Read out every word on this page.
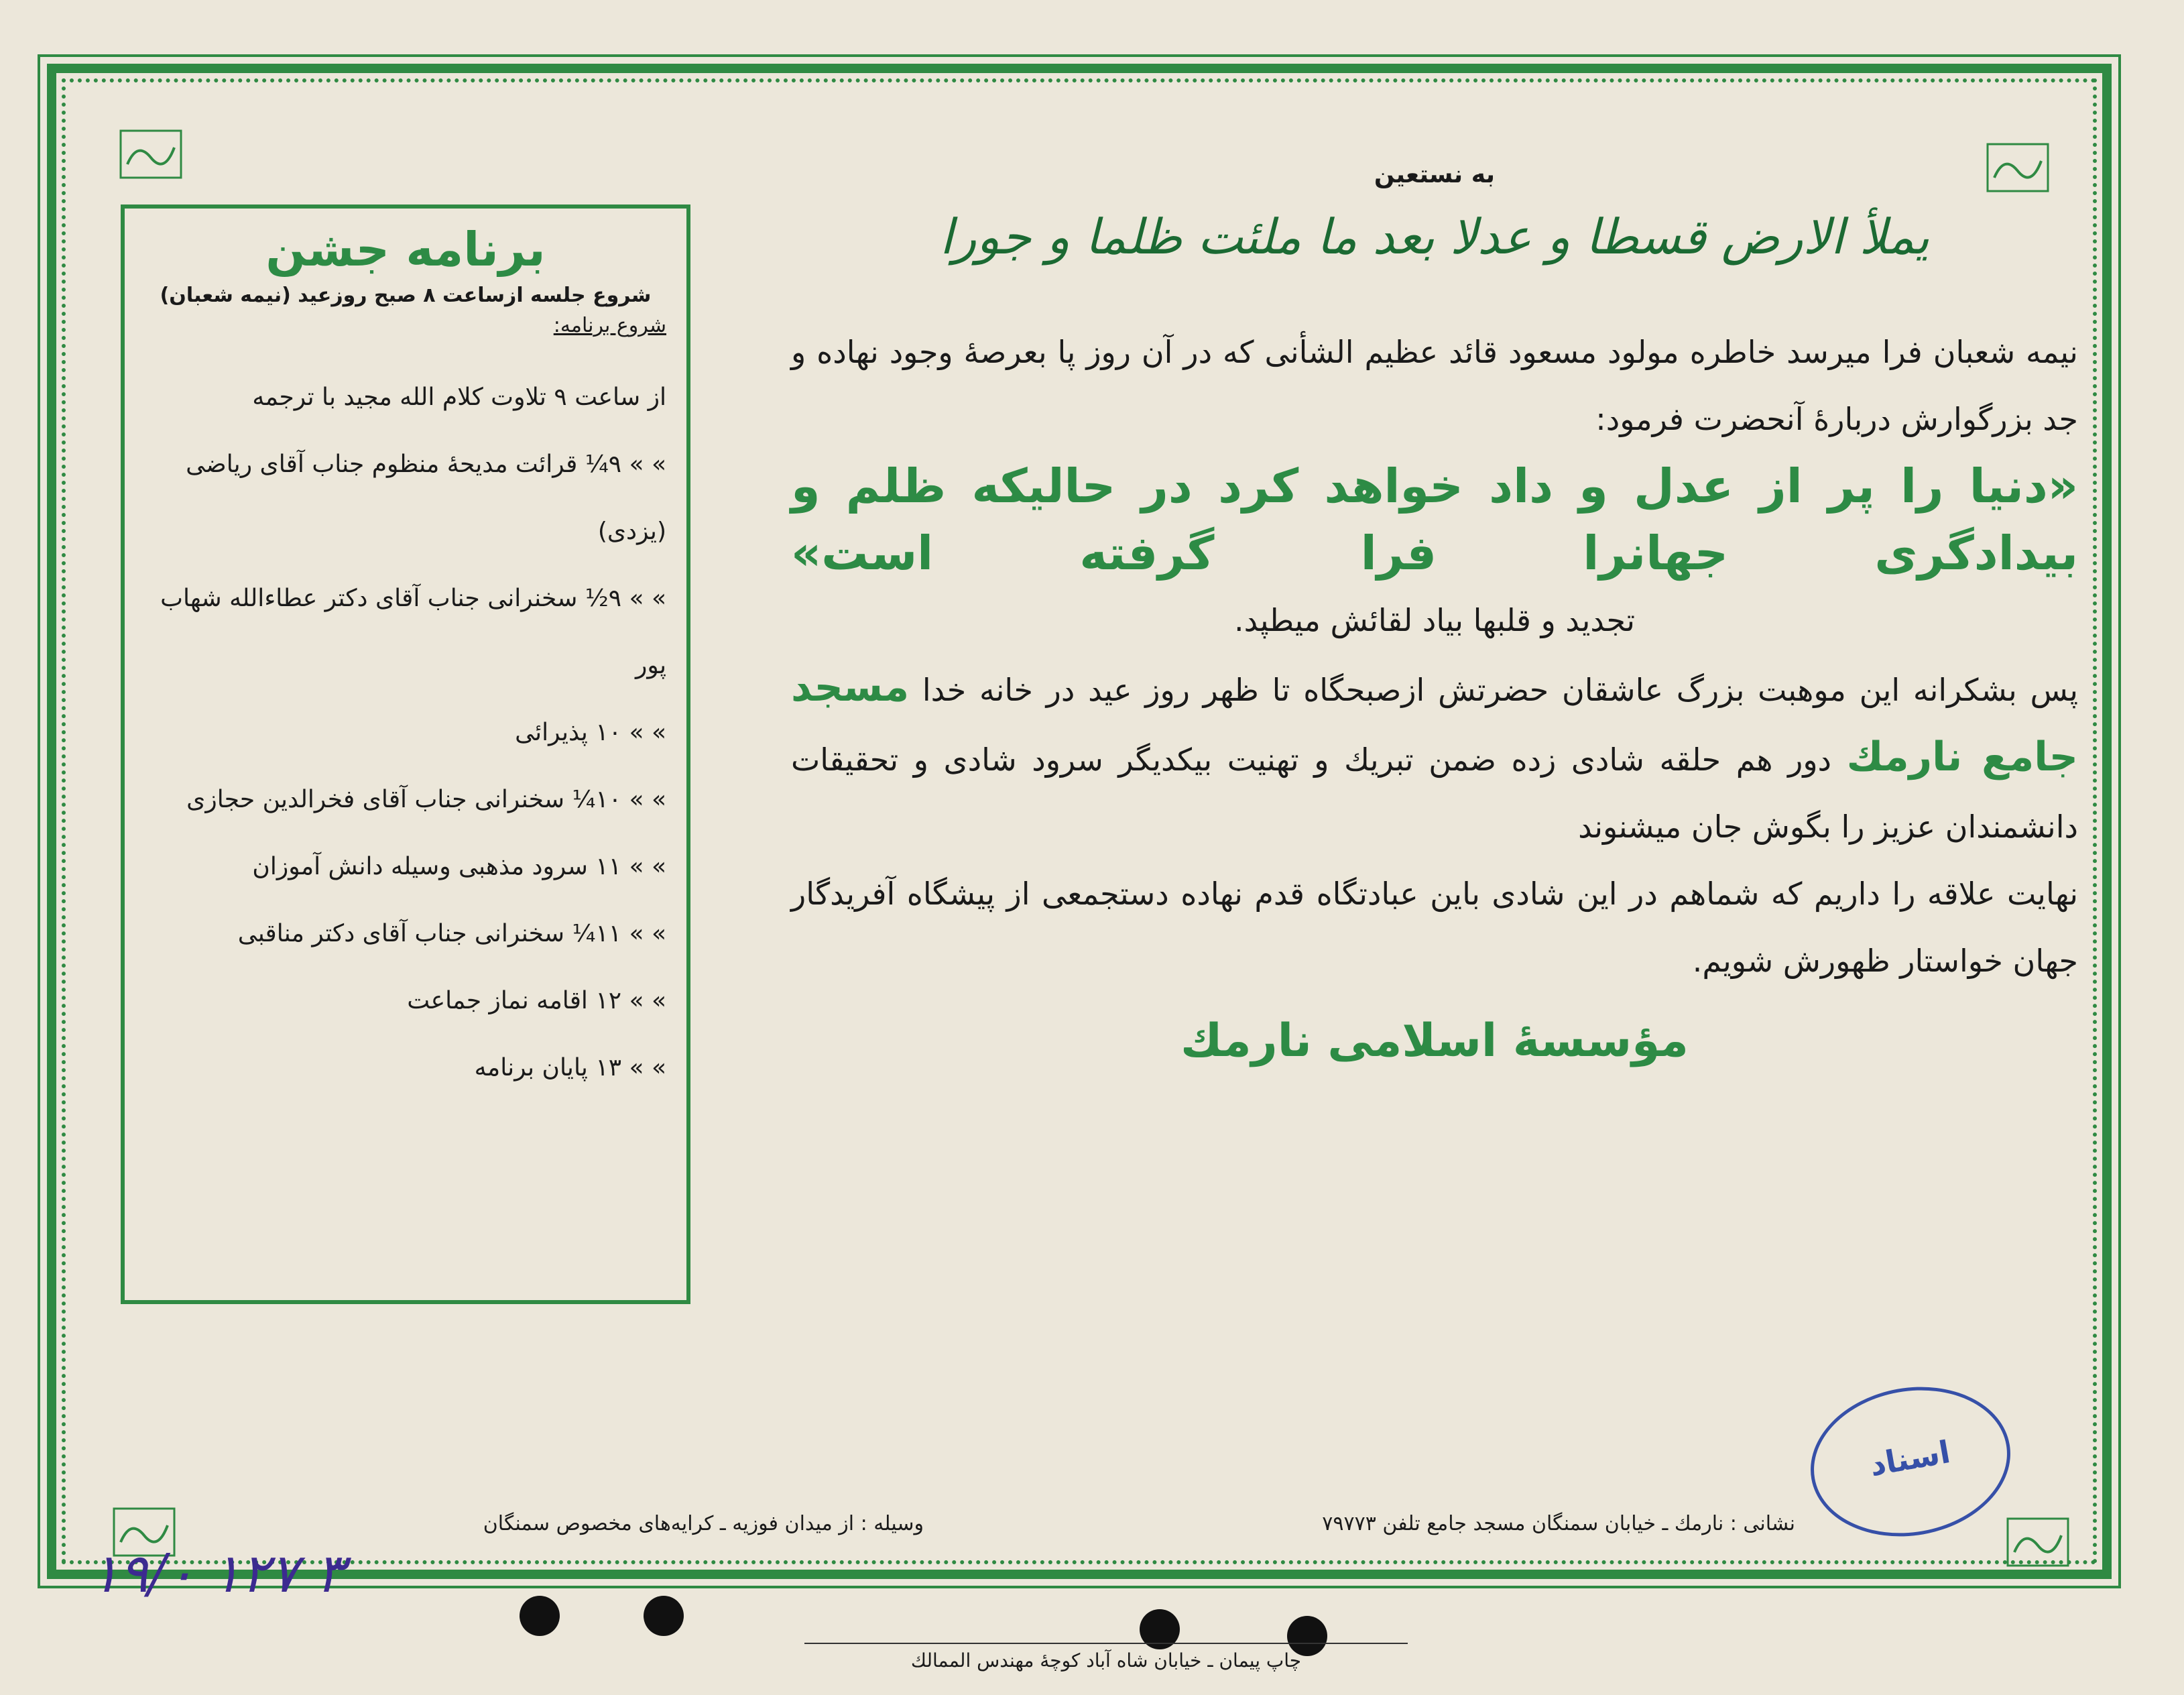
به نستعين
يملأ الارض قسطا و عدلا بعد ما ملئت ظلما و جورا
نيمه شعبان فرا ميرسد خاطره مولود مسعود قائد عظيم الشأنی که در آن روز پا بعرصهٔ وجود نهاده و جد بزرگوارش دربارهٔ آنحضرت فرمود:
«دنيا را پر از عدل و داد خواهد کرد در حاليکه ظلم و بيدادگری جهانرا فرا گرفته است»
تجديد و قلبها بياد لقائش ميطپد.
پس بشکرانه اين موهبت بزرگ عاشقان حضرتش ازصبحگاه تا ظهر روز عيد در خانه خدا مسجد جامع نارمك دور هم حلقه شادی زده ضمن تبريك و تهنيت بيكديگر سرود شادی و تحقيقات دانشمندان عزيز را بگوش جان ميشنوند
نهايت علاقه را داريم كه شماهم در اين شادی باين عبادتگاه قدم نهاده دستجمعی از پيشگاه آفريدگار جهان خواستار ظهورش شويم.
مؤسسهٔ اسلامی نارمك
برنامه جشن
شروع جلسه ازساعت ۸ صبح روزعيد (نيمه شعبان)
شروع برنامه:
از ساعت ۹ تلاوت كلام الله مجيد با ترجمه
» » ۹¼ قرائت مديحهٔ منظوم جناب آقای رياضی (يزدی)
» » ۹½ سخنرانی جناب آقای دكتر عطاءالله شهاب پور
» » ۱۰ پذيرائی
» » ۱۰¼ سخنرانی جناب آقای فخرالدين حجازی
» » ۱۱ سرود مذهبی وسيله دانش آموزان
» » ۱۱¼ سخنرانی جناب آقای دكتر مناقبی
» » ۱۲ اقامه نماز جماعت
» » ۱۳ پايان برنامه
نشانی : نارمك ـ خيابان سمنگان مسجد جامع تلفن ۷۹۷۷۳
وسيله : از ميدان فوزيه ـ كرايه‌های مخصوص سمنگان
۱۹/۰ ۱۲۷ ۳
اسناد
چاپ پيمان ـ خيابان شاه آباد كوچهٔ مهندس الممالك
